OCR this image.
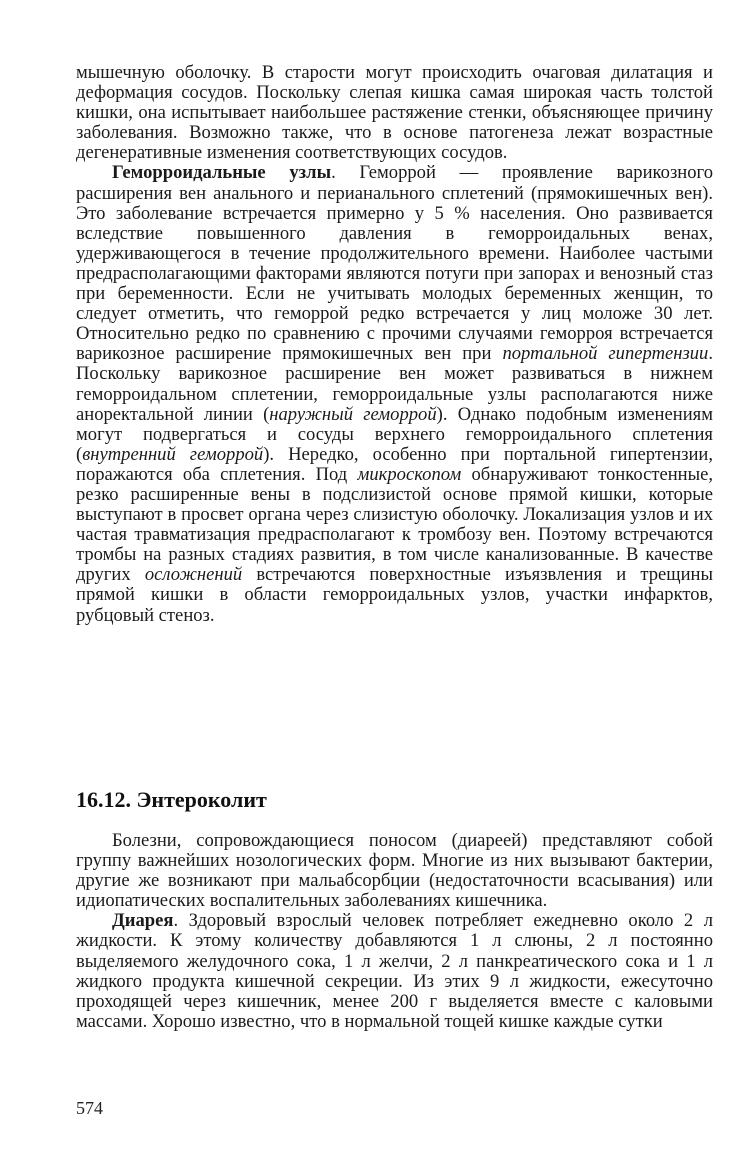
мышечную оболочку. В старости могут происходить очаговая дилатация и деформация сосудов. Поскольку слепая кишка самая широкая часть толстой кишки, она испытывает наибольшее растяжение стенки, объясняющее причину заболевания. Возможно также, что в основе патогенеза лежат возрастные дегенеративные изменения соответствующих сосудов.

Геморроидальные узлы. Геморрой — проявление варикозного расширения вен анального и перианального сплетений (прямокишечных вен). Это заболевание встречается примерно у 5 % населения. Оно развивается вследствие повышенного давления в геморроидальных венах, удерживающегося в течение продолжительного времени. Наиболее частыми предрасполагающими факторами являются потуги при запорах и венозный стаз при беременности. Если не учитывать молодых беременных женщин, то следует отметить, что геморрой редко встречается у лиц моложе 30 лет. Относительно редко по сравнению с прочими случаями геморроя встречается варикозное расширение прямокишечных вен при портальной гипертензии. Поскольку варикозное расширение вен может развиваться в нижнем геморроидальном сплетении, геморроидальные узлы располагаются ниже аноректальной линии (наружный геморрой). Однако подобным изменениям могут подвергаться и сосуды верхнего геморроидального сплетения (внутренний геморрой). Нередко, особенно при портальной гипертензии, поражаются оба сплетения. Под микроскопом обнаруживают тонкостенные, резко расширенные вены в подслизистой основе прямой кишки, которые выступают в просвет органа через слизистую оболочку. Локализация узлов и их частая травматизация предрасполагают к тромбозу вен. Поэтому встречаются тромбы на разных стадиях развития, в том числе канализованные. В качестве других осложнений встречаются поверхностные изъязвления и трещины прямой кишки в области геморроидальных узлов, участки инфарктов, рубцовый стеноз.

16.12. Энтероколит

Болезни, сопровождающиеся поносом (диареей) представляют собой группу важнейших нозологических форм. Многие из них вызывают бактерии, другие же возникают при мальабсорбции (недостаточности всасывания) или идиопатических воспалительных заболеваниях кишечника.

Диарея. Здоровый взрослый человек потребляет ежедневно около 2 л жидкости. К этому количеству добавляются 1 л слюны, 2 л постоянно выделяемого желудочного сока, 1 л желчи, 2 л панкреатического сока и 1 л жидкого продукта кишечной секреции. Из этих 9 л жидкости, ежесуточно проходящей через кишечник, менее 200 г выделяется вместе с каловыми массами. Хорошо известно, что в нормальной тощей кишке каждые сутки

574
